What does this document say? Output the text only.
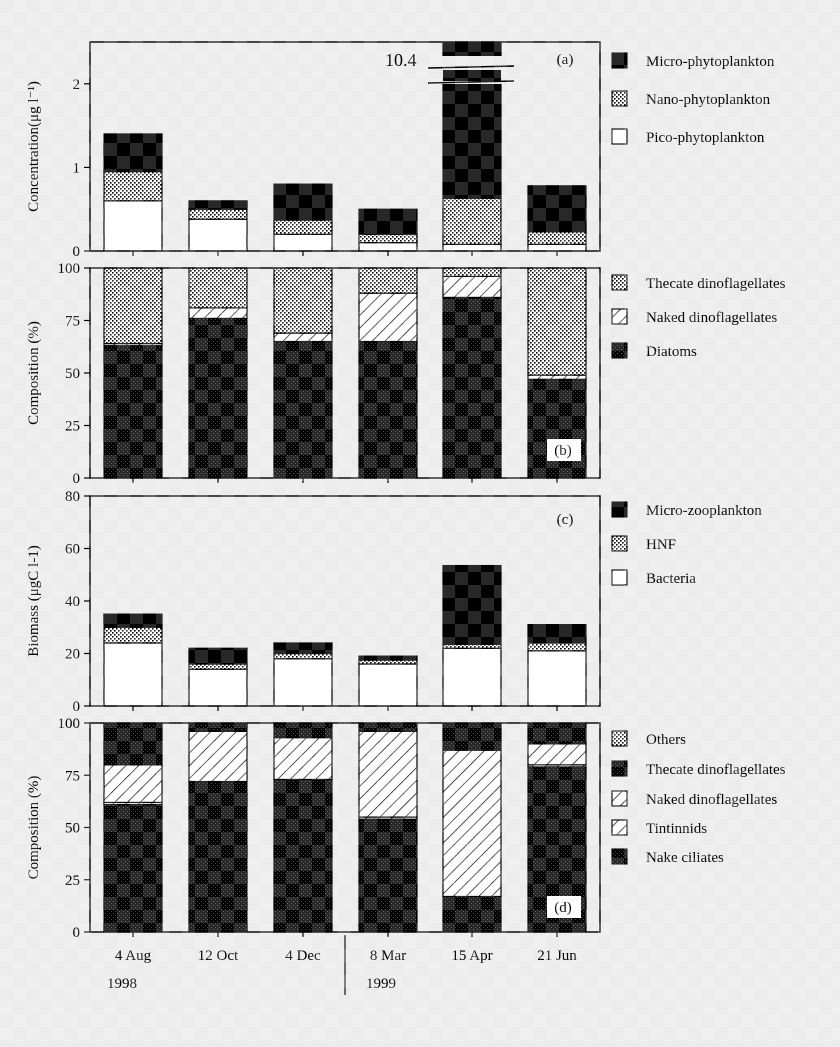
Micro-phytoplankton
Nano-phytoplankton
Pico-phytoplankton
Thecate dinoflagellates
Naked dinoflagellates
Diatoms
Micro-zooplankton
HNF
Bacteria
Others
Thecate dinoflagellates
Naked dinoflagellates
Tintinnids
Nake ciliates
0
1
2
Concentration(μg l⁻¹)
(a)
0
25
50
75
100
Composition (%)
(b)
0
20
40
60
80
Biomass (μgC l-1)
(c)
0
25
50
75
100
Composition (%)
(d)
10.4
4 Aug	12 Oct	4 Dec	8 Mar	15 Apr	21 Jun
1998	1999
